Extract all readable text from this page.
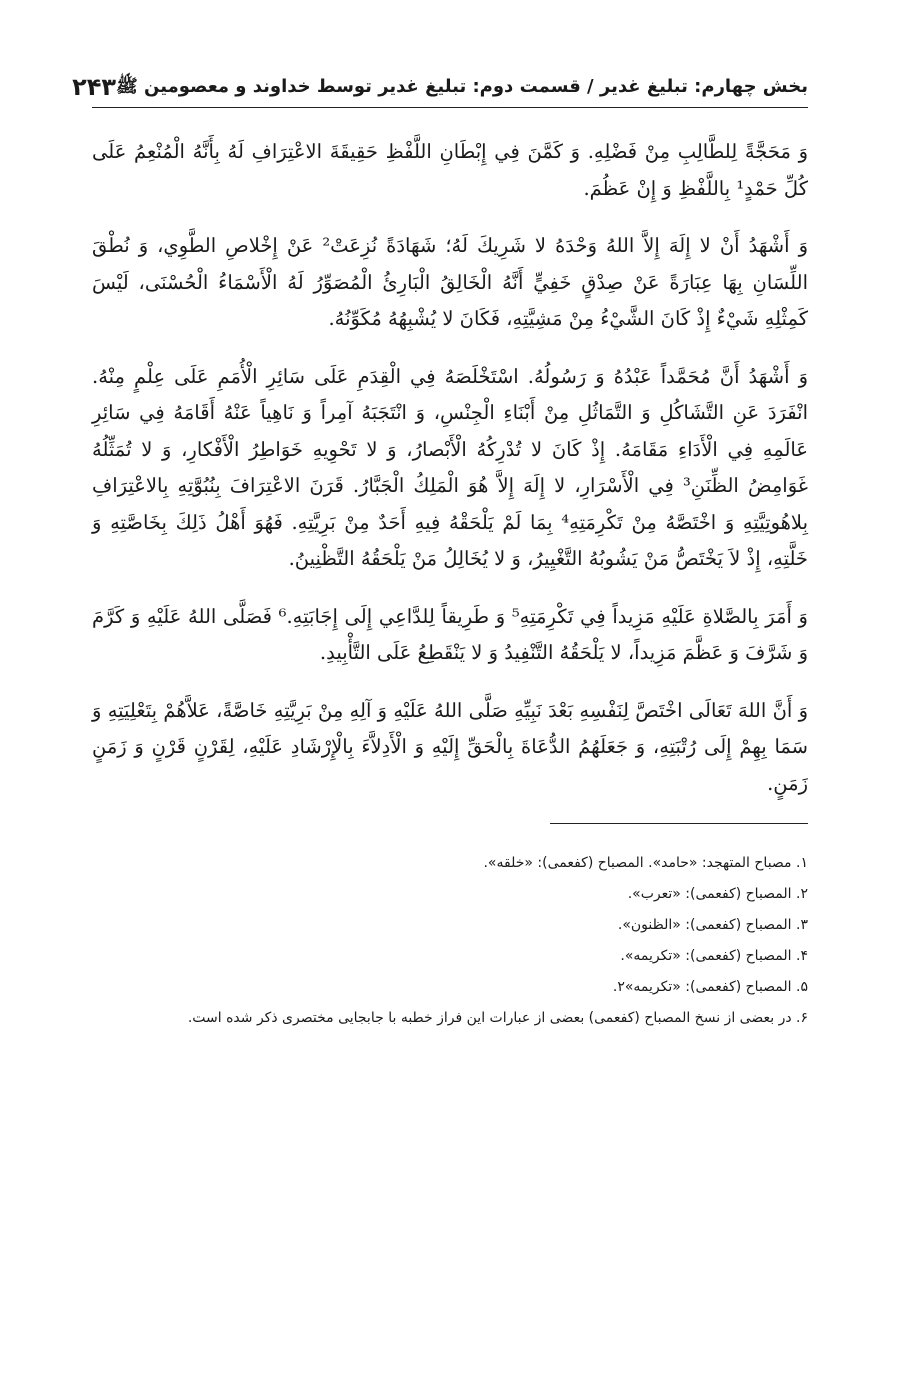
بخش چهارم: تبلیغ غدیر / قسمت دوم: تبلیغ غدیر توسط خداوند و معصومین ﷺ
۲۴۳

وَ مَحَجَّةً لِلطَّالِبِ مِنْ فَضْلِهِ. وَ كَمَّنَ فِي إِبْطَانِ اللَّفْظِ حَقِيقَةَ الاعْتِرَافِ لَهُ بِأَنَّهُ الْمُنْعِمُ عَلَى كُلِّ حَمْدٍ¹ بِاللَّفْظِ وَ إِنْ عَظُمَ.

وَ أَشْهَدُ أَنْ لا إِلَهَ إِلاَّ اللهُ وَحْدَهُ لا شَرِيكَ لَهُ؛ شَهَادَةً نُزِعَتْ² عَنْ إِخْلاصِ الطَّوِي، وَ نُطْقَ اللِّسَانِ بِهَا عِبَارَةً عَنْ صِدْقٍ خَفِيٍّ أَنَّهُ الْخَالِقُ الْبَارِئُ الْمُصَوِّرُ لَهُ الْأَسْمَاءُ الْحُسْنَى، لَيْسَ كَمِثْلِهِ شَيْءٌ إِذْ كَانَ الشَّيْءُ مِنْ مَشِيَّتِهِ، فَكَانَ لا يُشْبِهُهُ مُكَوِّنُهُ.

وَ أَشْهَدُ أَنَّ مُحَمَّداً عَبْدُهُ وَ رَسُولُهُ. اسْتَخْلَصَهُ فِي الْقِدَمِ عَلَى سَائِرِ الْأُمَمِ عَلَى عِلْمٍ مِنْهُ. انْفَرَدَ عَنِ التَّشَاكُلِ وَ التَّمَاثُلِ مِنْ أَبْنَاءِ الْجِنْسِ، وَ انْتَجَبَهُ آمِراً وَ نَاهِياً عَنْهُ أَقَامَهُ فِي سَائِرِ عَالَمِهِ فِي الْأَدَاءِ مَقَامَهُ. إِذْ كَانَ لا تُدْرِكُهُ الْأَبْصارُ، وَ لا تَحْوِيهِ خَوَاطِرُ الْأَفْكارِ، وَ لا تُمَثِّلُهُ غَوَامِضُ الظِّنَنِ³ فِي الْأَسْرَارِ، لا إِلَهَ إِلاَّ هُوَ الْمَلِكُ الْجَبَّارُ. قَرَنَ الاعْتِرَافَ بِنُبُوَّتِهِ بِالاعْتِرَافِ بِلاهُوتِيَّتِهِ وَ اخْتَصَّهُ مِنْ تَكْرِمَتِهِ⁴ بِمَا لَمْ يَلْحَقْهُ فِيهِ أَحَدٌ مِنْ بَرِيَّتِهِ. فَهُوَ أَهْلُ ذَلِكَ بِخَاصَّتِهِ وَ خَلَّتِهِ، إِذْ لاَ يَخْتَصُّ مَنْ يَشُوبُهُ التَّغْيِيرُ، وَ لا يُخَالِلُ مَنْ يَلْحَقُهُ التَّظْنِينُ.

وَ أَمَرَ بِالصَّلاةِ عَلَيْهِ مَزِيداً فِي تَكْرِمَتِهِ⁵ وَ طَرِيقاً لِلدَّاعِي إِلَى إِجَابَتِهِ.⁶ فَصَلَّى اللهُ عَلَيْهِ وَ كَرَّمَ وَ شَرَّفَ وَ عَظَّمَ مَزِيداً، لا يَلْحَقُهُ التَّنْفِيدُ وَ لا يَنْقَطِعُ عَلَى التَّأْبِيدِ.

وَ أَنَّ اللهَ تَعَالَى اخْتَصَّ لِنَفْسِهِ بَعْدَ نَبِيِّهِ صَلَّى اللهُ عَلَيْهِ وَ آلِهِ مِنْ بَرِيَّتِهِ خَاصَّةً، عَلاَّهُمْ بِتَعْلِيَتِهِ وَ سَمَا بِهِمْ إِلَى رُتْبَتِهِ، وَ جَعَلَهُمُ الدُّعَاةَ بِالْحَقِّ إِلَيْهِ وَ الْأَدِلاَّءَ بِالْإِرْشَادِ عَلَيْهِ، لِقَرْنٍ قَرْنٍ وَ زَمَنٍ زَمَنٍ.

۱. مصباح المتهجد: «حامد». المصباح (كفعمى): «خلقه».

۲. المصباح (كفعمى): «تعرب».

۳. المصباح (كفعمى): «الظنون».

۴. المصباح (كفعمى): «تكريمه».

۵. المصباح (كفعمى): «تكريمه»۲.

۶. در بعضى از نسخ المصباح (كفعمى) بعضى از عبارات اين فراز خطبه با جابجايى مختصرى ذكر شده است.
